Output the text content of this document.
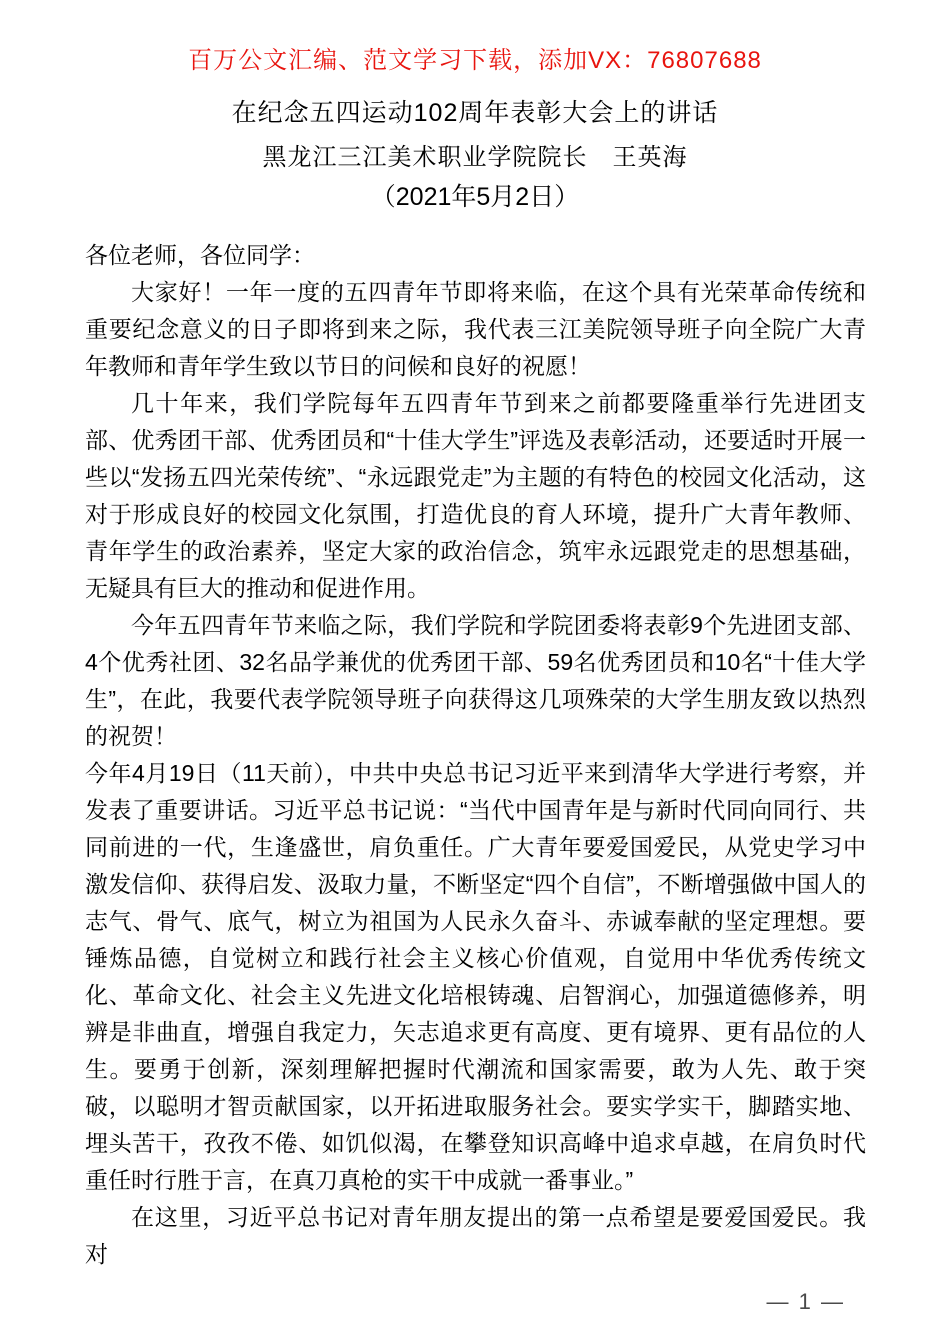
百万公文汇编、范文学习下载，添加VX：76807688
在纪念五四运动102周年表彰大会上的讲话
黑龙江三江美术职业学院院长　王英海
（2021年5月2日）

各位老师，各位同学：

大家好！一年一度的五四青年节即将来临，在这个具有光荣革命传统和重要纪念意义的日子即将到来之际，我代表三江美院领导班子向全院广大青年教师和青年学生致以节日的问候和良好的祝愿！

几十年来，我们学院每年五四青年节到来之前都要隆重举行先进团支部、优秀团干部、优秀团员和“十佳大学生”评选及表彰活动，还要适时开展一些以“发扬五四光荣传统”、“永远跟党走”为主题的有特色的校园文化活动，这对于形成良好的校园文化氛围，打造优良的育人环境，提升广大青年教师、青年学生的政治素养，坚定大家的政治信念，筑牢永远跟党走的思想基础，无疑具有巨大的推动和促进作用。

今年五四青年节来临之际，我们学院和学院团委将表彰9个先进团支部、4个优秀社团、32名品学兼优的优秀团干部、59名优秀团员和10名“十佳大学生”，在此，我要代表学院领导班子向获得这几项殊荣的大学生朋友致以热烈的祝贺！

今年4月19日（11天前），中共中央总书记习近平来到清华大学进行考察，并发表了重要讲话。习近平总书记说：“当代中国青年是与新时代同向同行、共同前进的一代，生逢盛世，肩负重任。广大青年要爱国爱民，从党史学习中激发信仰、获得启发、汲取力量，不断坚定“四个自信”，不断增强做中国人的志气、骨气、底气，树立为祖国为人民永久奋斗、赤诚奉献的坚定理想。要锤炼品德，自觉树立和践行社会主义核心价值观，自觉用中华优秀传统文化、革命文化、社会主义先进文化培根铸魂、启智润心，加强道德修养，明辨是非曲直，增强自我定力，矢志追求更有高度、更有境界、更有品位的人生。要勇于创新，深刻理解把握时代潮流和国家需要，敢为人先、敢于突破，以聪明才智贡献国家，以开拓进取服务社会。要实学实干，脚踏实地、埋头苦干，孜孜不倦、如饥似渴，在攀登知识高峰中追求卓越，在肩负时代重任时行胜于言，在真刀真枪的实干中成就一番事业。”

在这里，习近平总书记对青年朋友提出的第一点希望是要爱国爱民。我对

— 1 —
